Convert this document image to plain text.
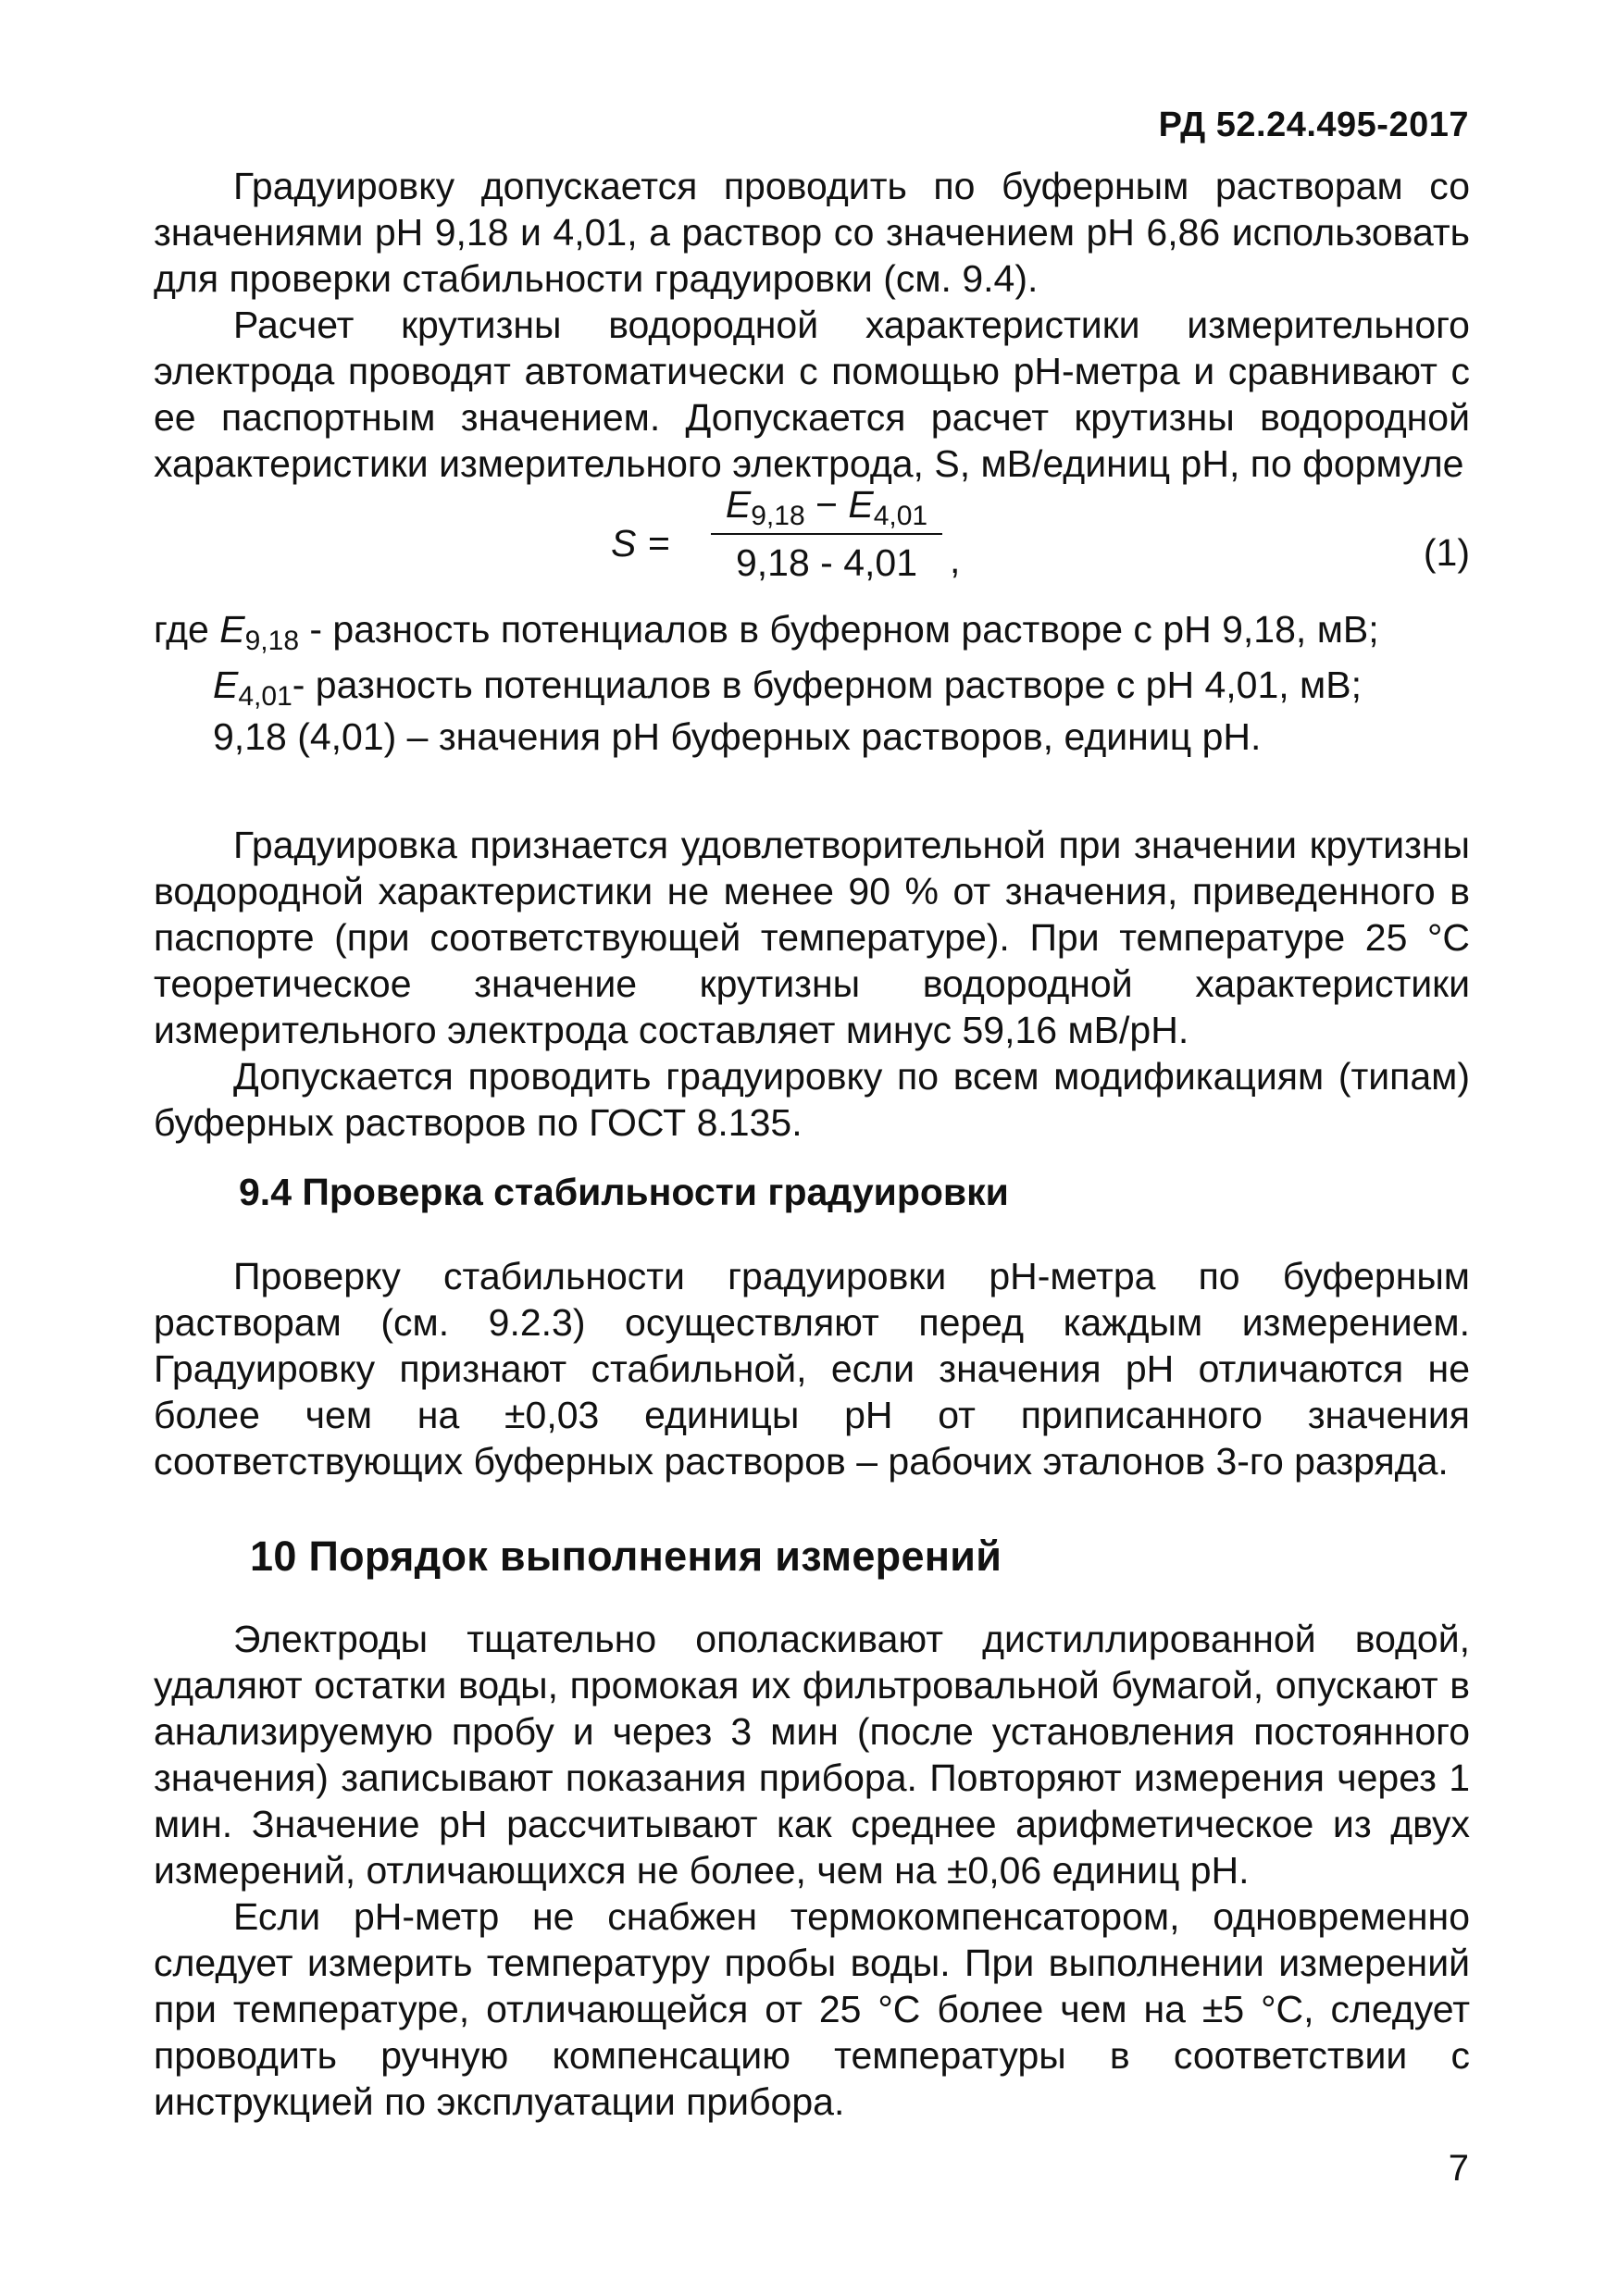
РД 52.24.495-2017

Градуировку допускается проводить по буферным растворам со значениями pH 9,18 и 4,01, а раствор со значением pH 6,86 использовать для проверки стабильности градуировки (см. 9.4).

Расчет крутизны водородной характеристики измерительного электрода проводят автоматически с помощью pH-метра и сравнивают с ее паспортным значением. Допускается расчет крутизны водородной характеристики измерительного электрода, S, мВ/единиц pH, по формуле

S =
$E_{9,18} - E_{4,01}$
9,18 - 4,01 ,	(1)
где $E_{9,18}$ - разность потенциалов в буферном растворе с pH 9,18, мВ;
$E_{4,01}-$ разность потенциалов в буферном растворе с pH 4,01, мВ;
9,18 (4,01) – значения pH буферных растворов, единиц pH.

Градуировка признается удовлетворительной при значении крутизны водородной характеристики не менее 90 % от значения, приведенного в паспорте (при соответствующей температуре). При температуре 25 °C теоретическое значение крутизны водородной характеристики измерительного электрода составляет минус 59,16 мВ/pH.

Допускается проводить градуировку по всем модификациям (типам) буферных растворов по ГОСТ 8.135.

9.4 Проверка стабильности градуировки

Проверку стабильности градуировки pH-метра по буферным растворам (см. 9.2.3) осуществляют перед каждым измерением. Градуировку признают стабильной, если значения pH отличаются не более чем на ±0,03 единицы pH от приписанного значения соответствующих буферных растворов – рабочих эталонов 3-го разряда.

10 Порядок выполнения измерений

Электроды тщательно ополаскивают дистиллированной водой, удаляют остатки воды, промокая их фильтровальной бумагой, опускают в анализируемую пробу и через 3 мин (после установления постоянного значения) записывают показания прибора. Повторяют измерения через 1 мин. Значение pH рассчитывают как среднее арифметическое из двух измерений, отличающихся не более, чем на ±0,06 единиц pH.

Если pH-метр не снабжен термокомпенсатором, одновременно следует измерить температуру пробы воды. При выполнении измерений при температуре, отличающейся от 25 °C более чем на ±5 °C, следует проводить ручную компенсацию температуры в соответствии с инструкцией по эксплуатации прибора.

7
